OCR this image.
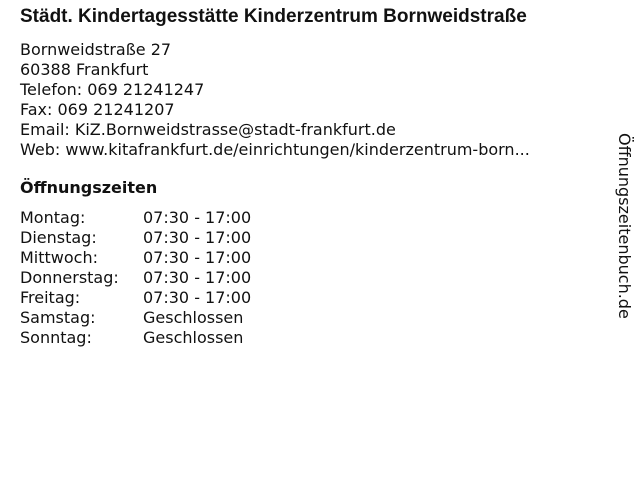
Städt. Kindertagesstätte Kinderzentrum Bornweidstraße
Bornweidstraße 27
60388 Frankfurt
Telefon: 069 21241247
Fax: 069 21241207
Email: KiZ.Bornweidstrasse@stadt-frankfurt.de
Web: www.kitafrankfurt.de/einrichtungen/kinderzentrum-born...
Öffnungszeiten
Montag:	07:30 - 17:00
Dienstag:	07:30 - 17:00
Mittwoch:	07:30 - 17:00
Donnerstag:	07:30 - 17:00
Freitag:	07:30 - 17:00
Samstag:	Geschlossen
Sonntag:	Geschlossen
Öffnungszeitenbuch.de
